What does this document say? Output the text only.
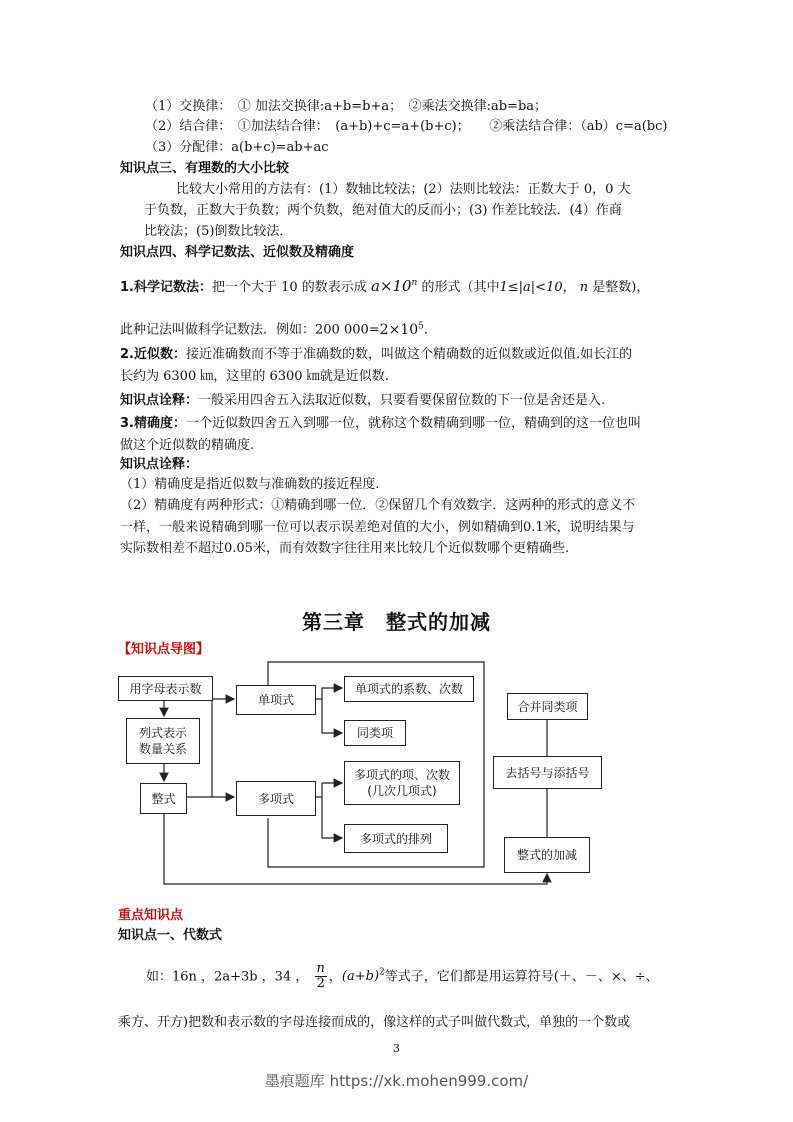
（1）交换律：　① 加法交换律:a+b=b+a；　②乘法交换律:ab=ba；
（2）结合律：　①加法结合律：　(a+b)+c=a+(b+c)；　　②乘法结合律：（ab）c=a(bc)
（3）分配律：a(b+c)=ab+ac
知识点三、有理数的大小比较
比较大小常用的方法有：(1）数轴比较法；(2）法则比较法：正数大于 0，0 大
于负数，正数大于负数；两个负数，绝对值大的反而小；(3) 作差比较法．(4）作商
比较法；(5)倒数比较法．
知识点四、科学记数法、近似数及精确度
1.科学记数法：把一个大于 10 的数表示成 $a\times 10^n$ 的形式（其中1≤|a|<10， n 是整数)，
此种记法叫做科学记数法．例如：200 $000=2\times 10^5$．
2.近似数：接近准确数而不等于准确数的数，叫做这个精确数的近似数或近似值.如长江的
长约为 6300 ㎞，这里的 6300 ㎞就是近似数.
知识点诠释：一般采用四舍五入法取近似数，只要看要保留位数的下一位是舍还是入.
3.精确度：一个近似数四舍五入到哪一位，就称这个数精确到哪一位，精确到的这一位也叫
做这个近似数的精确度.
知识点诠释：
（1）精确度是指近似数与准确数的接近程度.
（2）精确度有两种形式：①精确到哪一位．②保留几个有效数字．这两种的形式的意义不
一样，一般来说精确到哪一位可以表示误差绝对值的大小，例如精确到0.1米，说明结果与
实际数相差不超过0.05米，而有效数字往往用来比较几个近似数哪个更精确些.
第三章　整式的加减
【知识点导图】
用字母表示数
列式表示
数量关系
整式
单项式
多项式
单项式的系数、次数
同类项
多项式的项、次数
(几次几项式)
多项式的排列
合并同类项
去括号与添括号
整式的加减
重点知识点
知识点一、代数式
如：16n ，2a+3b ，34 ， $\frac{n}{2}$ ，$(a+b)^2$等式子，它们都是用运算符号(＋、－、×、÷、
乘方、开方)把数和表示数的字母连接而成的，像这样的式子叫做代数式，单独的一个数或
3
墨痕题库 https://xk.mohen999.com/
